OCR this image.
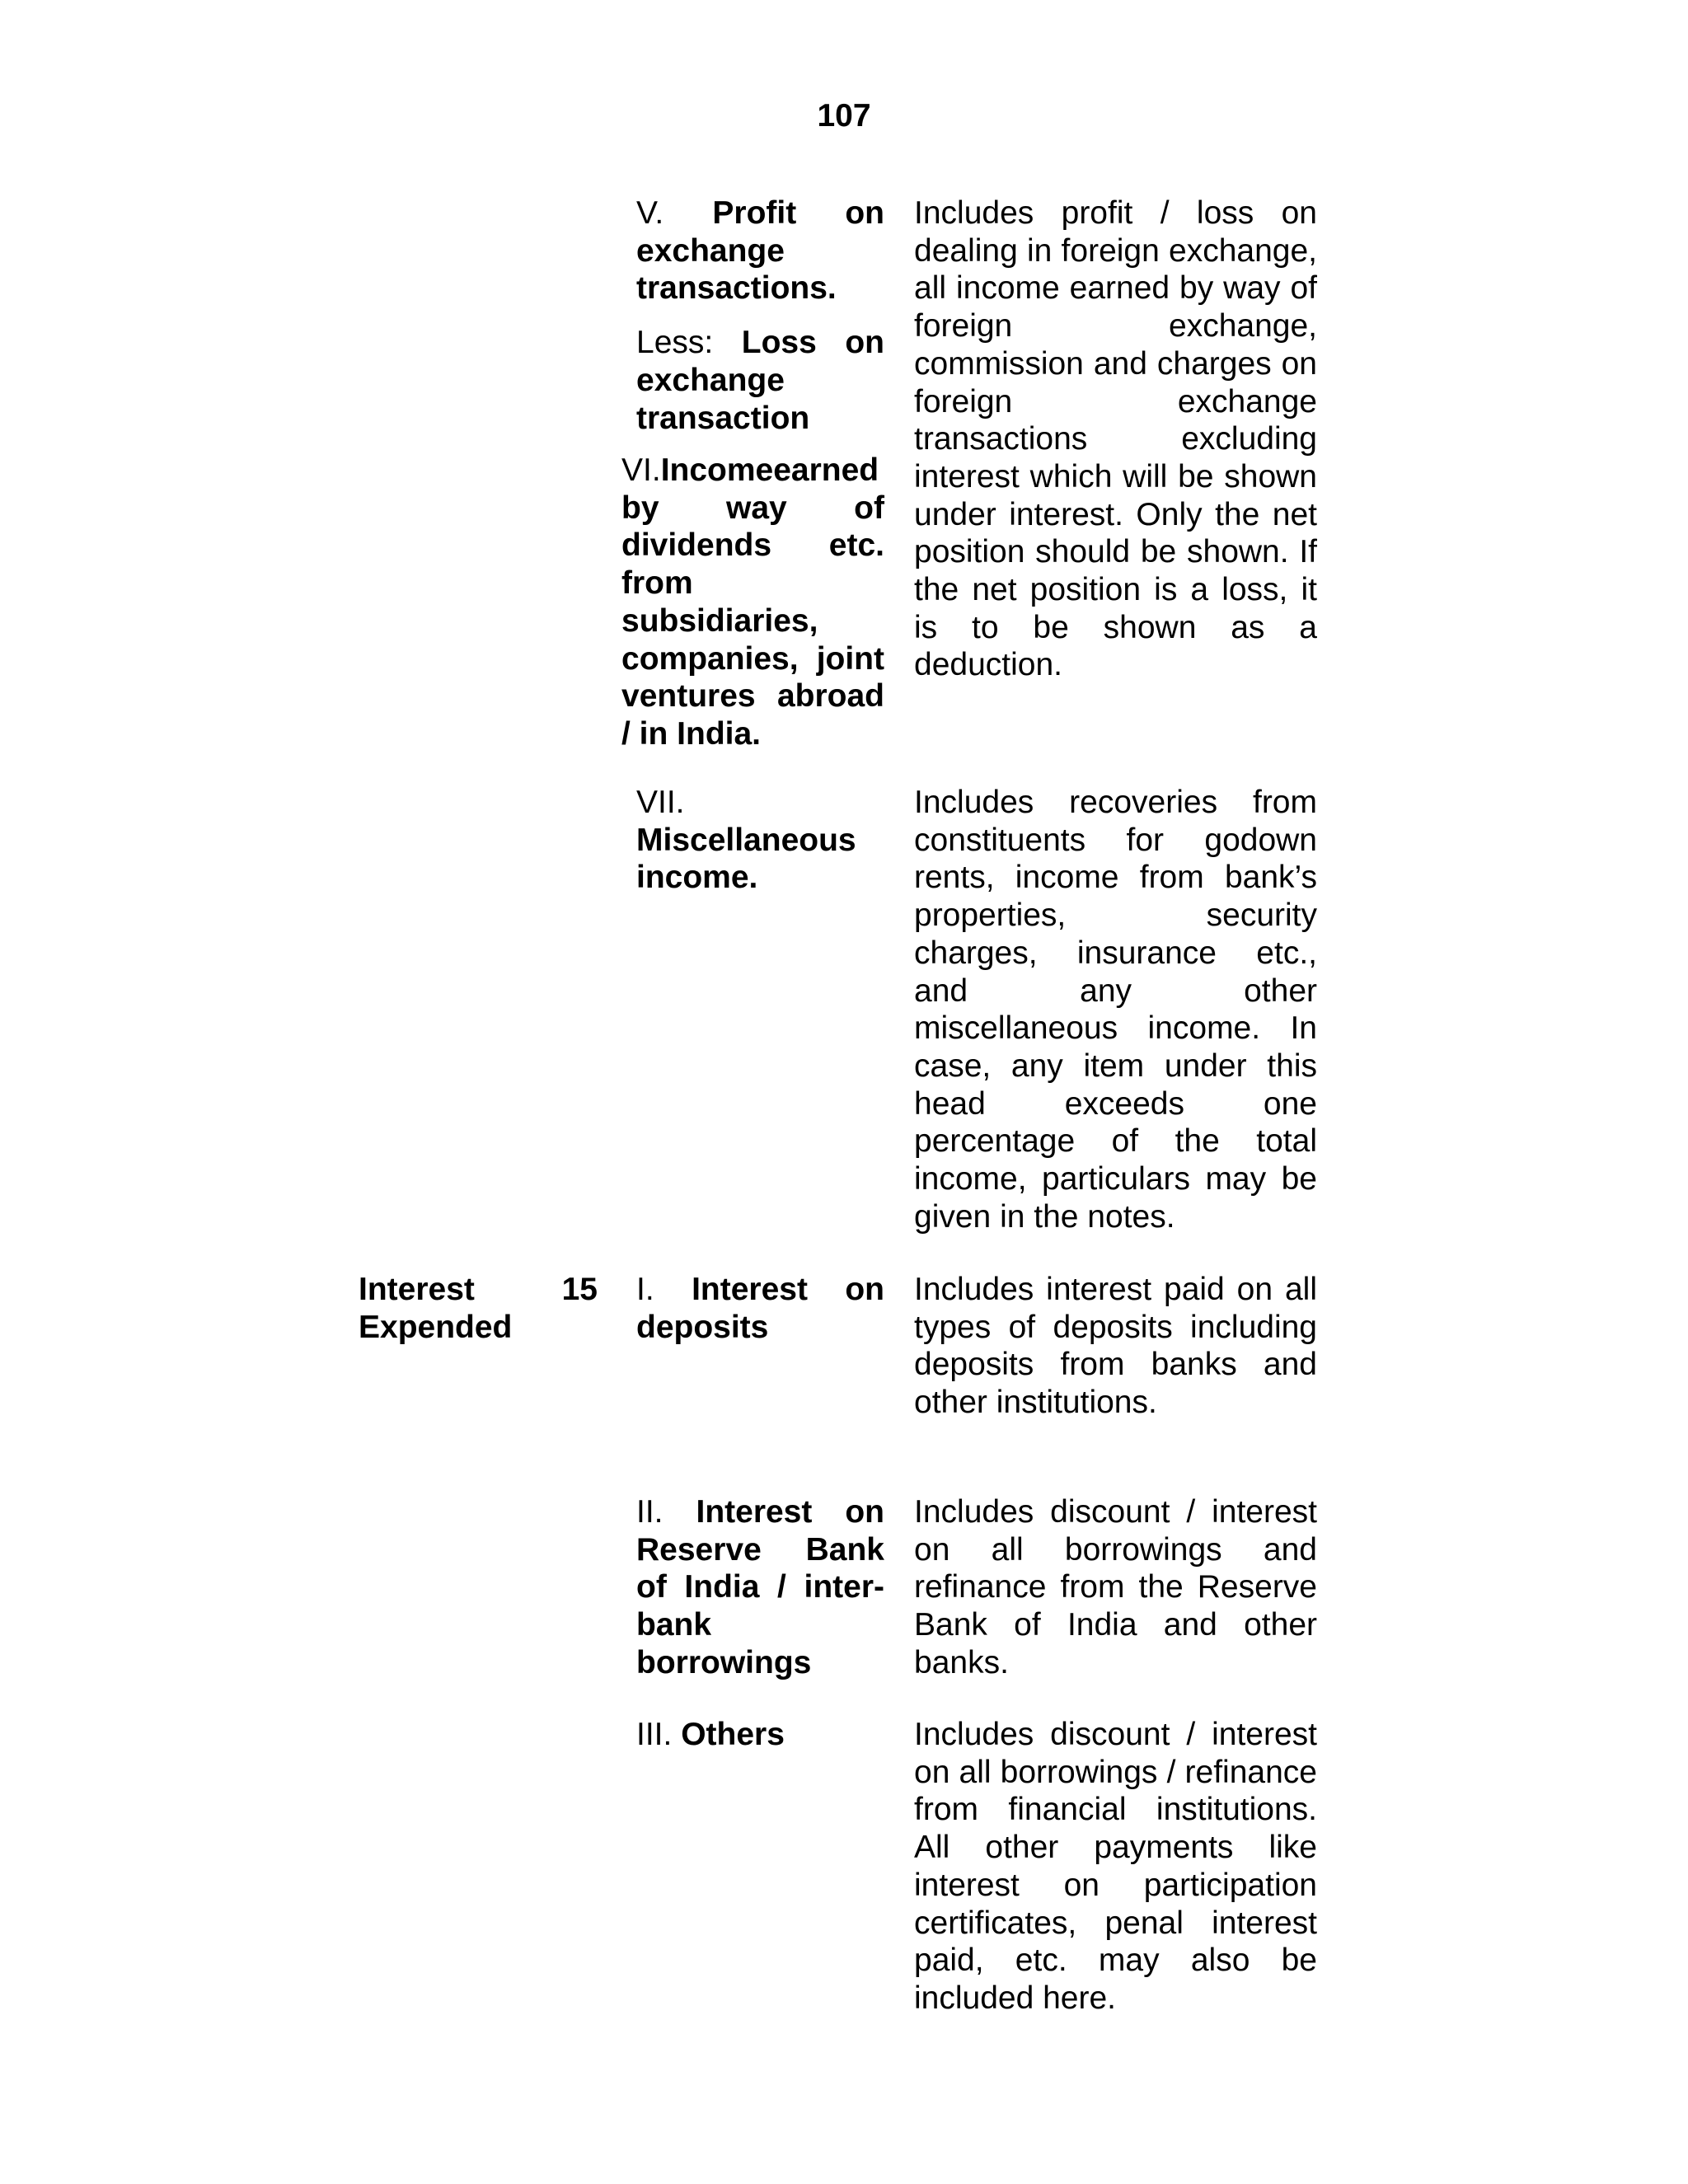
107

V. Profit on exchange transactions.

Less: Loss on exchange transaction

VI.Incomeearned by way of dividends etc. from subsidiaries, companies, joint ventures abroad / in India.

Includes profit / loss on dealing in foreign exchange, all income earned by way of foreign exchange, commission and charges on foreign exchange transactions excluding interest which will be shown under interest. Only the net position should be shown. If the net position is a loss, it is to be shown as a deduction.

VII.

Miscellaneous income.

Includes recoveries from constituents for godown rents, income from bank’s properties, security charges, insurance etc., and any other miscellaneous income. In case, any item under this head exceeds one percentage of the total income, particulars may be given in the notes.
Interest Expended
15 I. Interest on deposits

Includes interest paid on all types of deposits including deposits from banks and other institutions.

II. Interest on Reserve Bank of India / inter-bank borrowings

Includes discount / interest on all borrowings and refinance from the Reserve Bank of India and other banks.

III. Others	Includes discount / interest on all borrowings / refinance from financial institutions. All other payments like interest on participation certificates, penal interest paid, etc. may also be included here.
